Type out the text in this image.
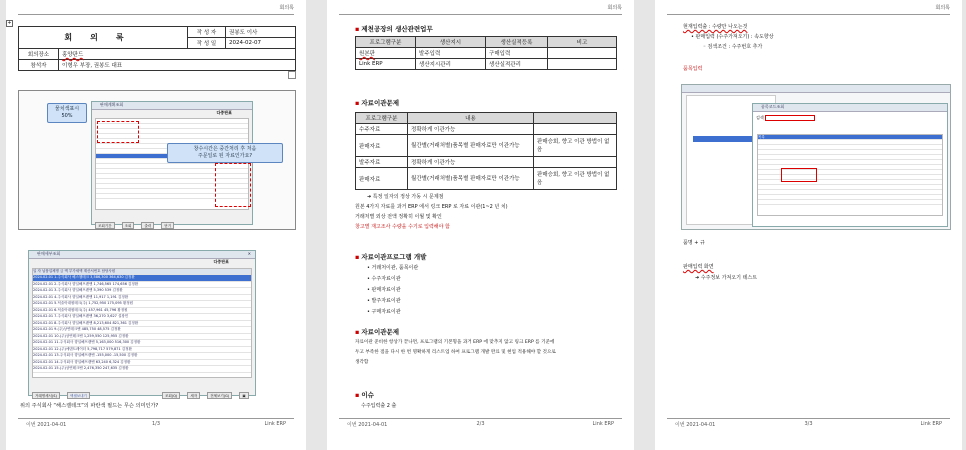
회의록
+
회의록		작 성 자	권봉도 이사
		작 성 일	2024-02-07
회의장소	홍양판드		
참석자	이형우 부장, 권봉도 대표		
판매계획조회
다중판표
조회기간	조회	출력	닫기
물치색표시
50%
창수시간은 중간처리 후 처음
주문일로 된 자료인가요?
판매세부조회	✕
다중판표
일 자 납품업체명 금 액 부가세액 계산서번호 담당사원
2024.02.01 1.주식회사 해스첼테크 3,586,300 364,630 김정환
2024.02.01 2.주식회사 향일해프랜밴 1,746,565 174,656 김정환
2024.02.01 3.주식회사 향일해프랜밴 5,390 539 김정환
2024.02.01 4.주식회사 향일해프랜밴 11,917 1,191 김정환
2024.02.01 5.덕술아대원테크(주) 1,752,950 175,095 황정원
2024.02.01 6.덕술아대원테크(주) 457,961 45,796 황정원
2024.02.01 7.주식회사 향일해프랜밴 36,270 3,627 설창민
2024.02.01 8.주식회사 향일해프랜밴 8,213,604 821,361 김정환
2024.02.01 9.(주)상연테크밴 485,750 48,575 김정환
2024.02.01 10.(주)상연테크밴 1,259,550 125,955 김정환
2024.02.01 11.주식회사 향일해프랜밴 5,163,000 516,300 김정환
2024.02.01 12.(주)에덴트레이더 5,798,717 579,871 김정환
2024.02.01 13.주식회사 향일해프랜밴 -155,000 -15,500 김정환
2024.02.01 14.주식회사 향일해프랜밴 63,240 6,324 김정환
2024.02.01 15.(주)상연테크밴 2,476,350 247,635 김정환
거래명세서(S)	엑셀보내기	조회(Q)	새자	전체보기(G)	▣
위의 주식회사 “해스켈테크”의 파란색 필드는 무슨 의미인가?
이번 2021-04-01	1/3	Link ERP
회의록
▪ 제천공장의 생산관련업무
프로그램구분	생산지시	생산실적등록	비고
원본판	발주입력	구매입력	
Link ERP	생산지시관리	생산실적관리	
▪ 자료이관문제
프로그램구분	내용	
수주자료	정확하게 이관가능	
판매자료	월간별(거래처별)품목별 판매자료만 이관가능	판매승회, 향고 이관 방법이 없음
발주자료	정확하게 이관가능	
판매자료	월간별(거래처별)품목별 판매자료만 이관가능	판매승회, 향고 이관 방법이 없음
➜ 특정 일자의 정상 가동 시 문제점
원본 4가지 자료를 과거 ERP 에서 링크 ERP 로 자료 이관(1~2 년 치)
거래처별 외상 전액 정확히 이월 및 확인
창고별 재고조사 수량을 수기로 입력해야 함
▪ 자료이관프로그램 개발
• 거래처이관, 품목이관
• 수주자료이관
• 판매자료이관
• 발주자료이관
• 구매자료이관
▪ 자료이관문제
자료이관 준비한 항상가 끝나면, 프로그램의 기본형을 과거 ERP 에 맞추지 않고 링크 ERP 를 기준에
두고 부족한 점을 다시 한 번 명확하게 리스트업 하여 프로그램 개발 완료 및 현업 적용해야 할 것으로
생각함
▪ 이슈
수주입력출 2 출
이번 2021-04-01	2/3	Link ERP
회의록
현재입력출 : 수량만 나오는것
• 판매입력 (수주가져오기) : 속도향상
◦ 검색조건 : 수주번호 추가
품목입력
품목코드조회
검색
목록
품명 + 규
판매입력 화면
➜ 수주정보 가져오기 테스트
이번 2021-04-01	3/3	Link ERP
